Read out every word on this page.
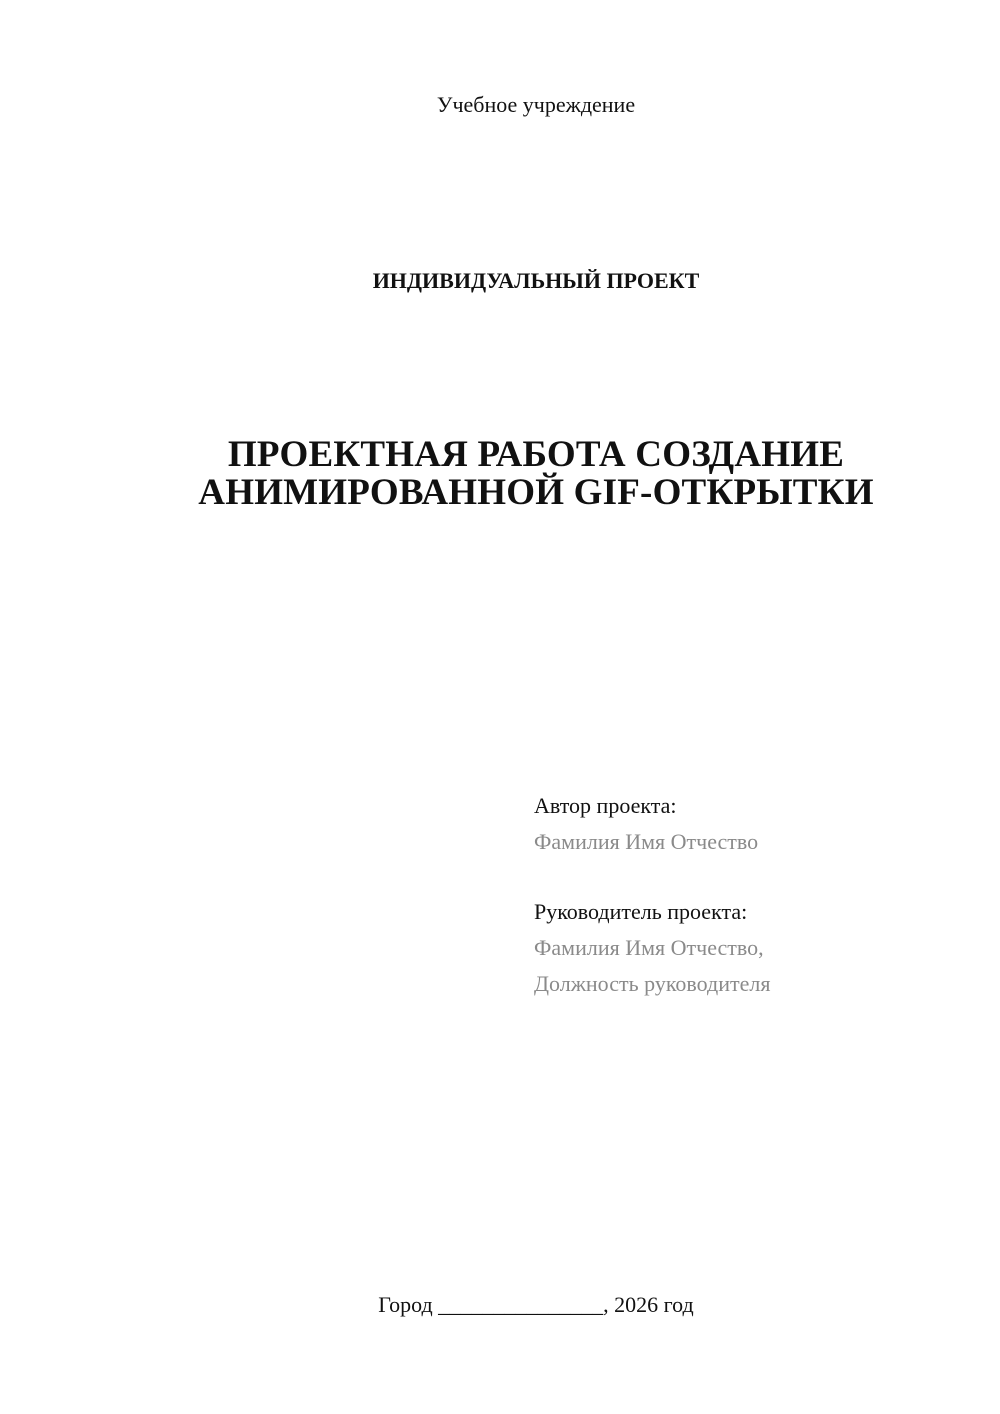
Учебное учреждение
ИНДИВИДУАЛЬНЫЙ ПРОЕКТ
ПРОЕКТНАЯ РАБОТА СОЗДАНИЕ
АНИМИРОВАННОЙ GIF-ОТКРЫТКИ
Автор проекта:
Фамилия Имя Отчество
Руководитель проекта:
Фамилия Имя Отчество,
Должность руководителя
Город _______________, 2026 год
